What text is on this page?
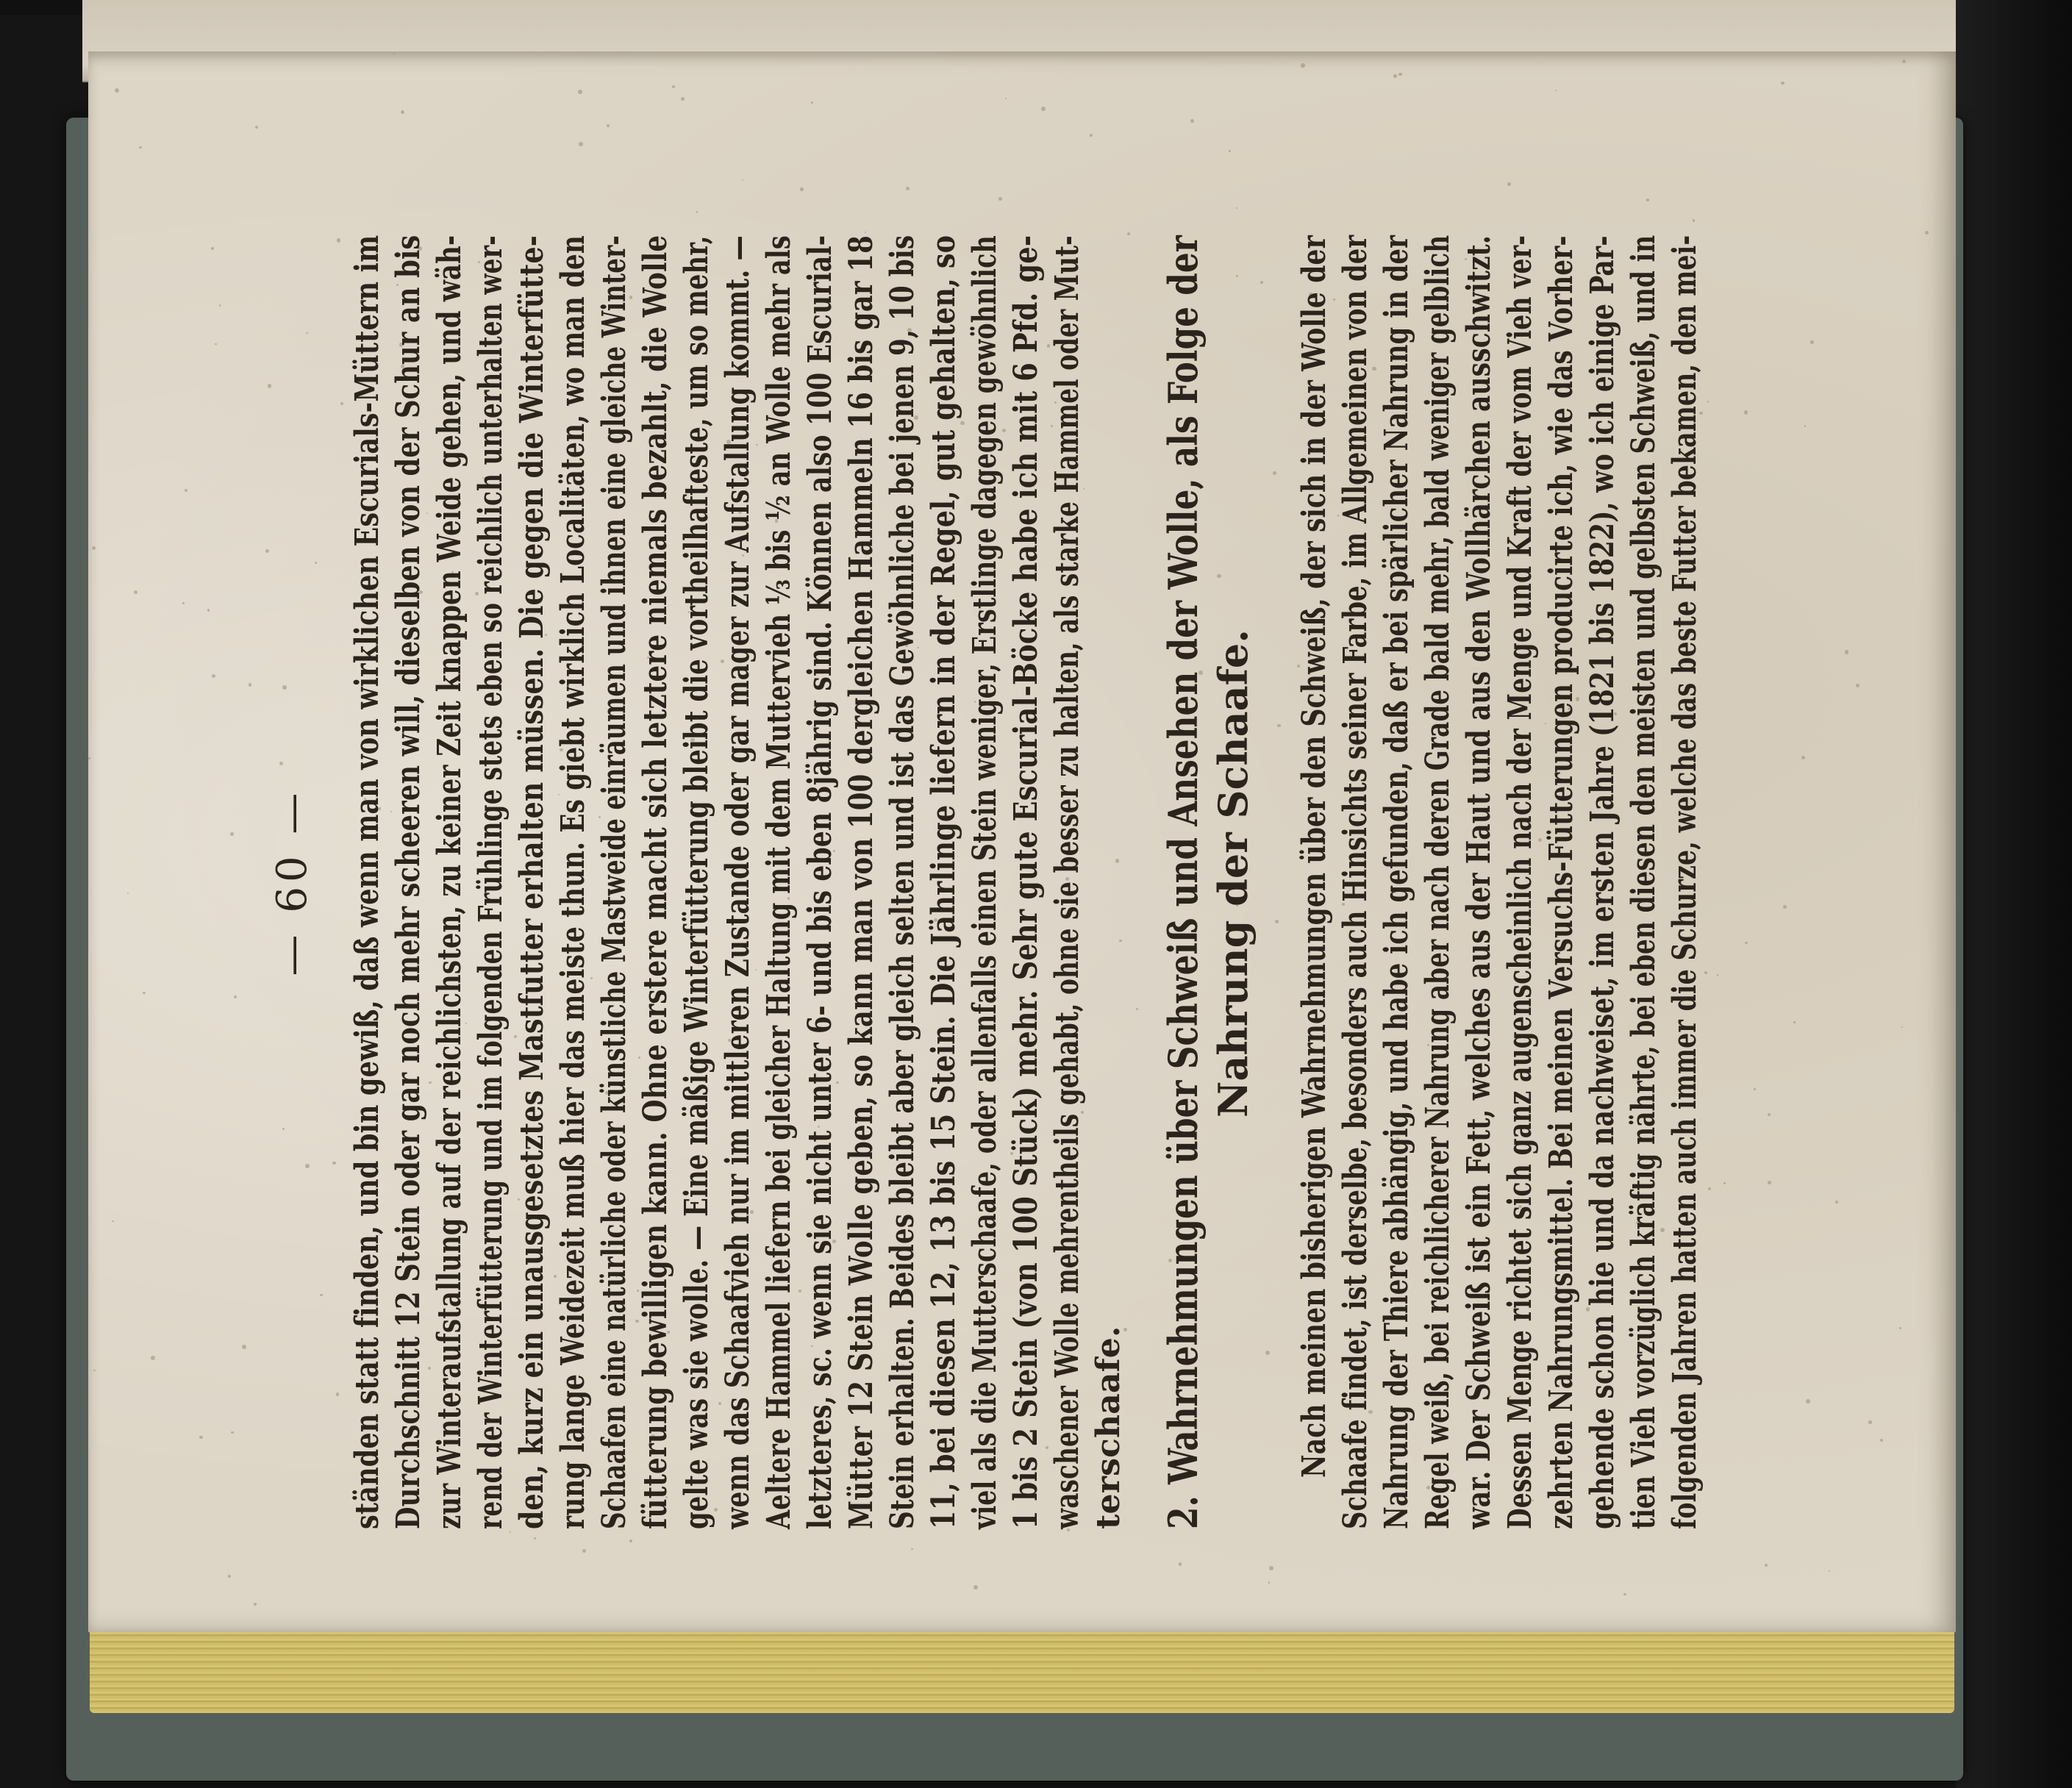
— 60 — ständen statt finden, und bin gewiß, daß wenn man von wirklichen Escurials-Müttern im Durchschnitt 12 Stein oder gar noch mehr scheeren will, dieselben von der Schur an bis zur Winteraufstallung auf der reichlichsten, zu keiner Zeit knappen Weide gehen, und wäh- rend der Winterfütterung und im folgenden Frühlinge stets eben so reichlich unterhalten wer- den, kurz ein unausgesetztes Mastfutter erhalten müssen. Die gegen die Winterfütte- rung lange Weidezeit muß hier das meiste thun. Es giebt wirklich Localitäten, wo man den Schaafen eine natürliche oder künstliche Mastweide einräumen und ihnen eine gleiche Winter- fütterung bewilligen kann. Ohne erstere macht sich letztere niemals bezahlt, die Wolle gelte was sie wolle. — Eine mäßige Winterfütterung bleibt die vortheilhafteste, um so mehr, wenn das Schaafvieh nur im mittleren Zustande oder gar mager zur Aufstallung kommt. — Aeltere Hammel liefern bei gleicher Haltung mit dem Muttervieh ⅓ bis ½ an Wolle mehr als letzteres, sc. wenn sie nicht unter 6- und bis eben 8jährig sind. Können also 100 Escurial- Mütter 12 Stein Wolle geben, so kann man von 100 dergleichen Hammeln 16 bis gar 18 Stein erhalten. Beides bleibt aber gleich selten und ist das Gewöhnliche bei jenen 9, 10 bis 11, bei diesen 12, 13 bis 15 Stein. Die Jährlinge liefern in der Regel, gut gehalten, so viel als die Mutterschaafe, oder allenfalls einen Stein weniger, Erstlinge dagegen gewöhnlich 1 bis 2 Stein (von 100 Stück) mehr. Sehr gute Escurial-Böcke habe ich mit 6 Pfd. ge- waschener Wolle mehrentheils gehabt, ohne sie besser zu halten, als starke Hammel oder Mut- terschaafe. 2. Wahrnehmungen über Schweiß und Ansehen der Wolle, als Folge der Nahrung der Schaafe. Nach meinen bisherigen Wahrnehmungen über den Schweiß, der sich in der Wolle der Schaafe findet, ist derselbe, besonders auch Hinsichts seiner Farbe, im Allgemeinen von der Nahrung der Thiere abhängig, und habe ich gefunden, daß er bei spärlicher Nahrung in der Regel weiß, bei reichlicherer Nahrung aber nach deren Grade bald mehr, bald weniger gelblich war. Der Schweiß ist ein Fett, welches aus der Haut und aus den Wollhärchen ausschwitzt. Dessen Menge richtet sich ganz augenscheinlich nach der Menge und Kraft der vom Vieh ver- zehrten Nahrungsmittel. Bei meinen Versuchs-Fütterungen producirte ich, wie das Vorher- gehende schon hie und da nachweiset, im ersten Jahre (1821 bis 1822), wo ich einige Par- tien Vieh vorzüglich kräftig nährte, bei eben diesen den meisten und gelbsten Schweiß, und in folgenden Jahren hatten auch immer die Schurze, welche das beste Futter bekamen, den mei-
